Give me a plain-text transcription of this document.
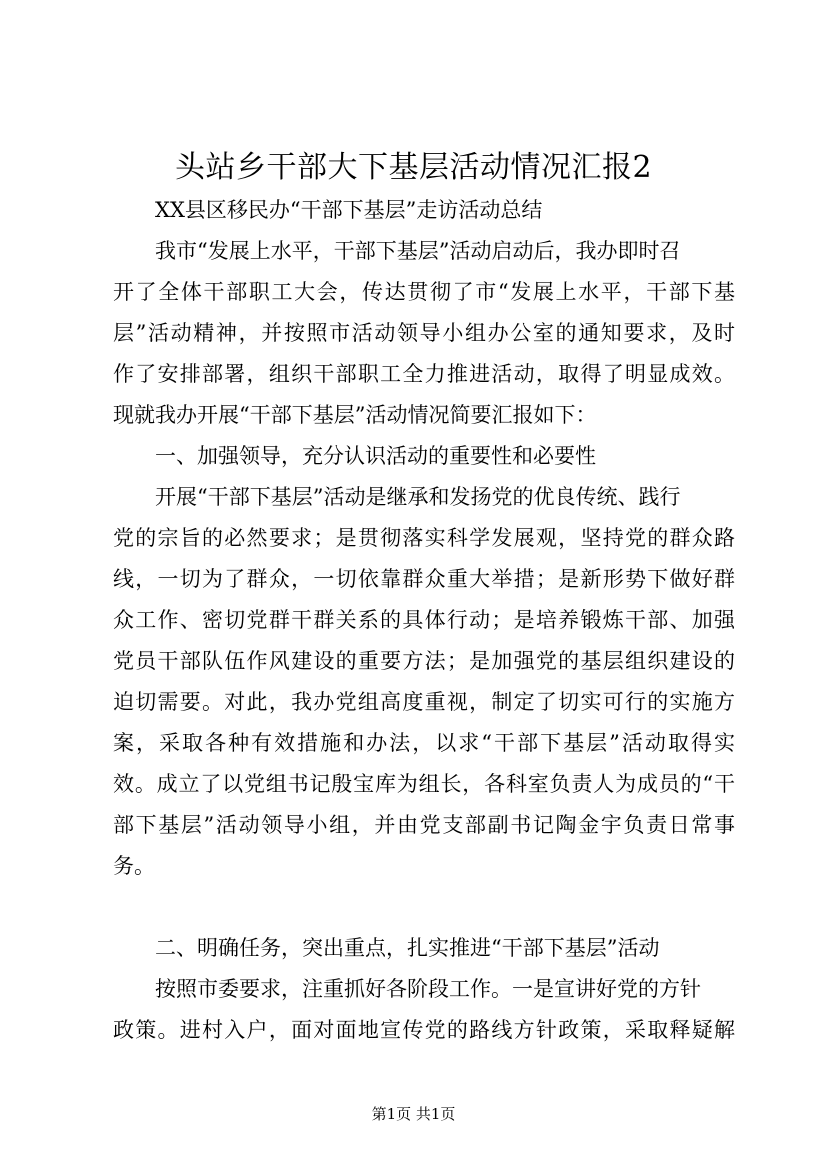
头站乡干部大下基层活动情况汇报2
XX县区移民办“干部下基层”走访活动总结
我市“发展上水平，干部下基层”活动启动后，我办即时召
开了全体干部职工大会，传达贯彻了市“发展上水平，干部下基
层”活动精神，并按照市活动领导小组办公室的通知要求，及时
作了安排部署，组织干部职工全力推进活动，取得了明显成效。
现就我办开展“干部下基层”活动情况简要汇报如下：
一、加强领导，充分认识活动的重要性和必要性
开展“干部下基层”活动是继承和发扬党的优良传统、践行
党的宗旨的必然要求；是贯彻落实科学发展观，坚持党的群众路
线，一切为了群众，一切依靠群众重大举措；是新形势下做好群
众工作、密切党群干群关系的具体行动；是培养锻炼干部、加强
党员干部队伍作风建设的重要方法；是加强党的基层组织建设的
迫切需要。对此，我办党组高度重视，制定了切实可行的实施方
案，采取各种有效措施和办法，以求“干部下基层”活动取得实
效。成立了以党组书记殷宝库为组长，各科室负责人为成员的“干
部下基层”活动领导小组，并由党支部副书记陶金宇负责日常事
务。
二、明确任务，突出重点，扎实推进“干部下基层”活动
按照市委要求，注重抓好各阶段工作。一是宣讲好党的方针
政策。进村入户，面对面地宣传党的路线方针政策，采取释疑解
第1页 共1页
